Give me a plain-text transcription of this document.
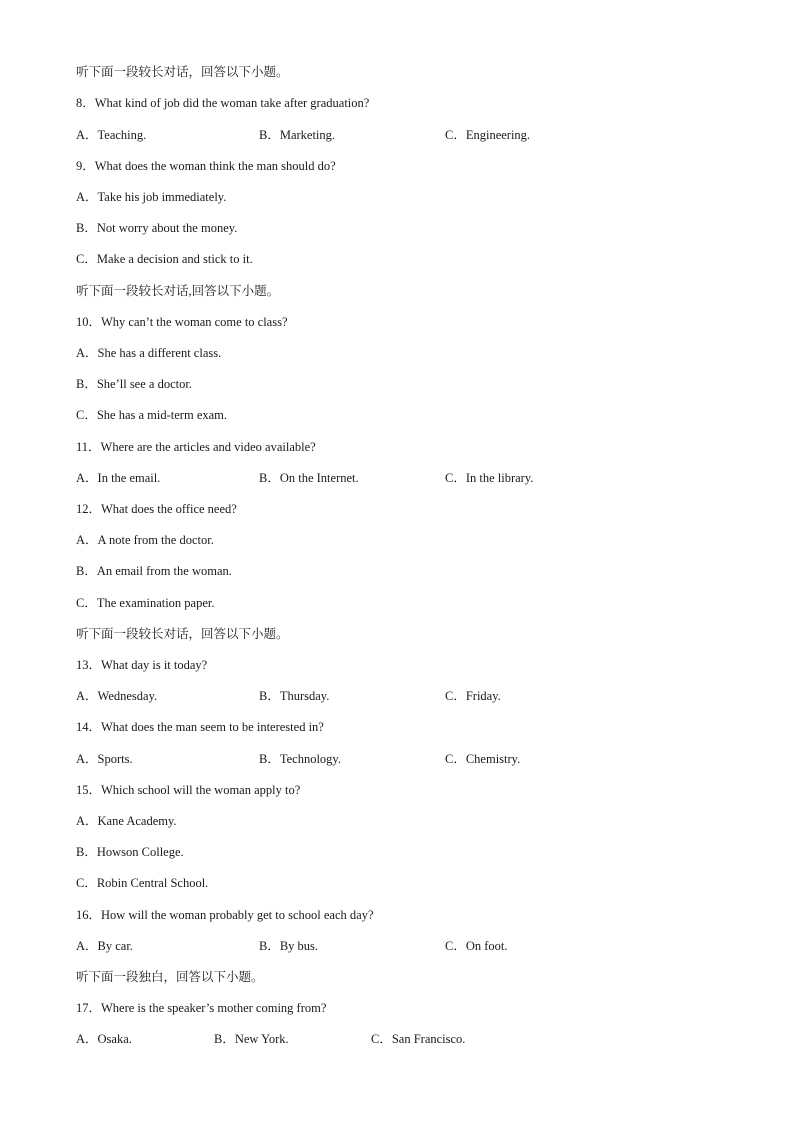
听下面一段较长对话，回答以下小题。
8．What kind of job did the woman take after graduation?
A．Teaching.	B．Marketing.	C．Engineering.
9．What does the woman think the man should do?
A．Take his job immediately.
B．Not worry about the money.
C．Make a decision and stick to it.
听下面一段较长对话,回答以下小题。
10．Why can’t the woman come to class?
A．She has a different class.
B．She’ll see a doctor.
C．She has a mid-term exam.
11．Where are the articles and video available?
A．In the email.	B．On the Internet.	C．In the library.
12．What does the office need?
A．A note from the doctor.
B．An email from the woman.
C．The examination paper.
听下面一段较长对话，回答以下小题。
13．What day is it today?
A．Wednesday.	B．Thursday.	C．Friday.
14．What does the man seem to be interested in?
A．Sports.	B．Technology.	C．Chemistry.
15．Which school will the woman apply to?
A．Kane Academy.
B．Howson College.
C．Robin Central School.
16．How will the woman probably get to school each day?
A．By car.	B．By bus.	C．On foot.
听下面一段独白，回答以下小题。
17．Where is the speaker’s mother coming from?
A．Osaka.	B．New York.	C．San Francisco.
